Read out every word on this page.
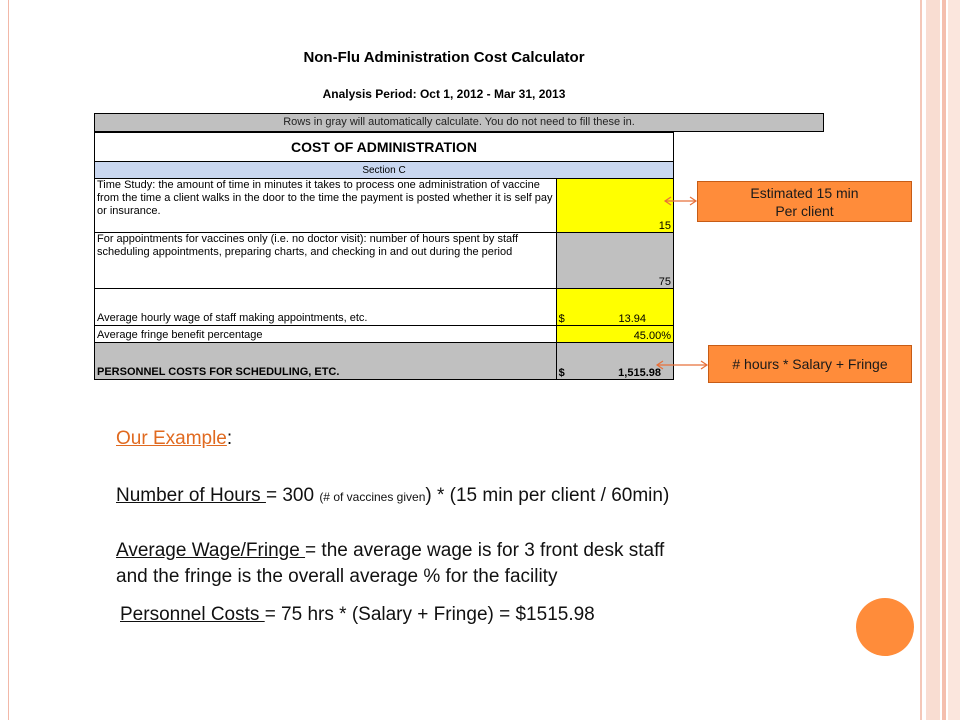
Non-Flu Administration Cost Calculator
Analysis Period: Oct 1, 2012 - Mar 31, 2013
Rows in gray will automatically calculate. You do not need to fill these in.
COST OF ADMINISTRATION	
Section C	
Time Study: the amount of time in minutes it takes to process one administration of vaccine from the time a client walks in the door to the time the payment is posted whether it is self pay or insurance.	15
For appointments for vaccines only (i.e. no doctor visit): number of hours spent by staff scheduling appointments, preparing charts, and checking in and out during the period	75
Average hourly wage of staff making appointments, etc.	$ 13.94

Average fringe benefit percentage	45.00%
PERSONNEL COSTS FOR SCHEDULING, ETC.	$ 1,515.98
Estimated 15 min
Per client
# hours * Salary + Fringe
Our Example:
Number of Hours = 300 (# of vaccines given) * (15 min per client / 60min)
Average Wage/Fringe = the average wage is for 3 front desk staff
and the fringe is the overall average % for the facility
Personnel Costs = 75 hrs * (Salary + Fringe) = $1515.98
